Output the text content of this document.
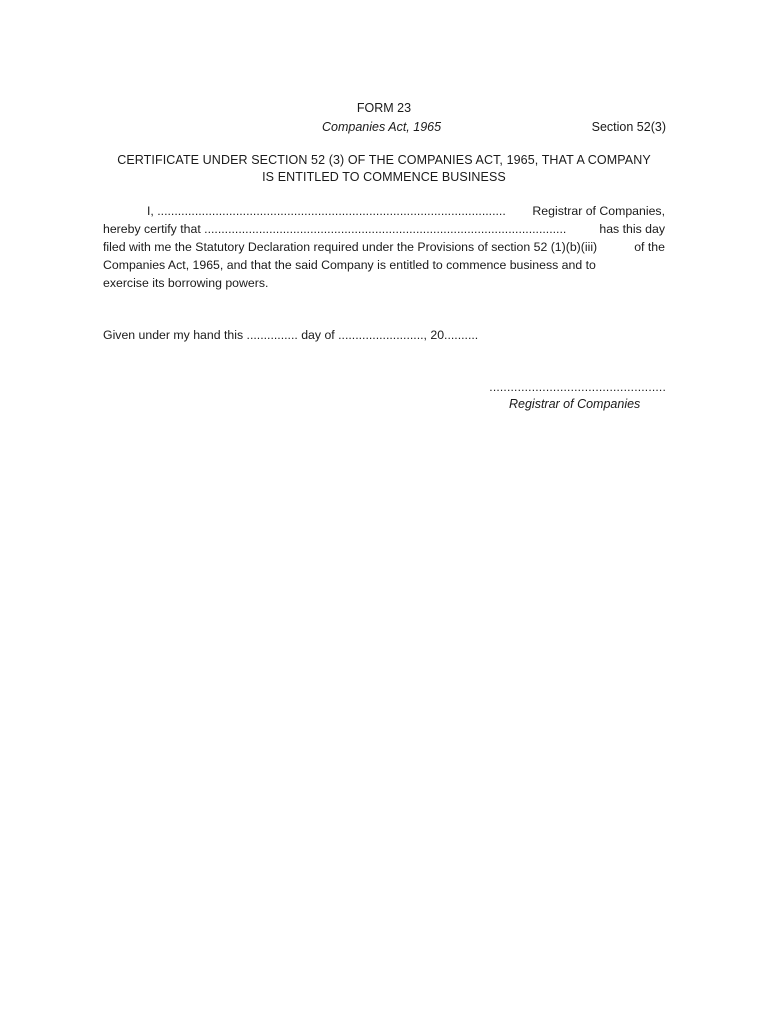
FORM 23
Companies Act, 1965	Section 52(3)
CERTIFICATE UNDER SECTION 52 (3) OF THE COMPANIES ACT, 1965, THAT A COMPANY
IS ENTITLED TO COMMENCE BUSINESS
I, ...................................................................................................... Registrar of Companies,
hereby certify that ..........................................................................................................	has this day
filed with me the Statutory Declaration required under the Provisions of section 52 (1)(b)(iii)	of the
Companies Act, 1965, and that the said Company is entitled to commence business and to
exercise its borrowing powers.
Given under my hand this ............... day of ........................., 20..........
..................................................
Registrar of Companies
